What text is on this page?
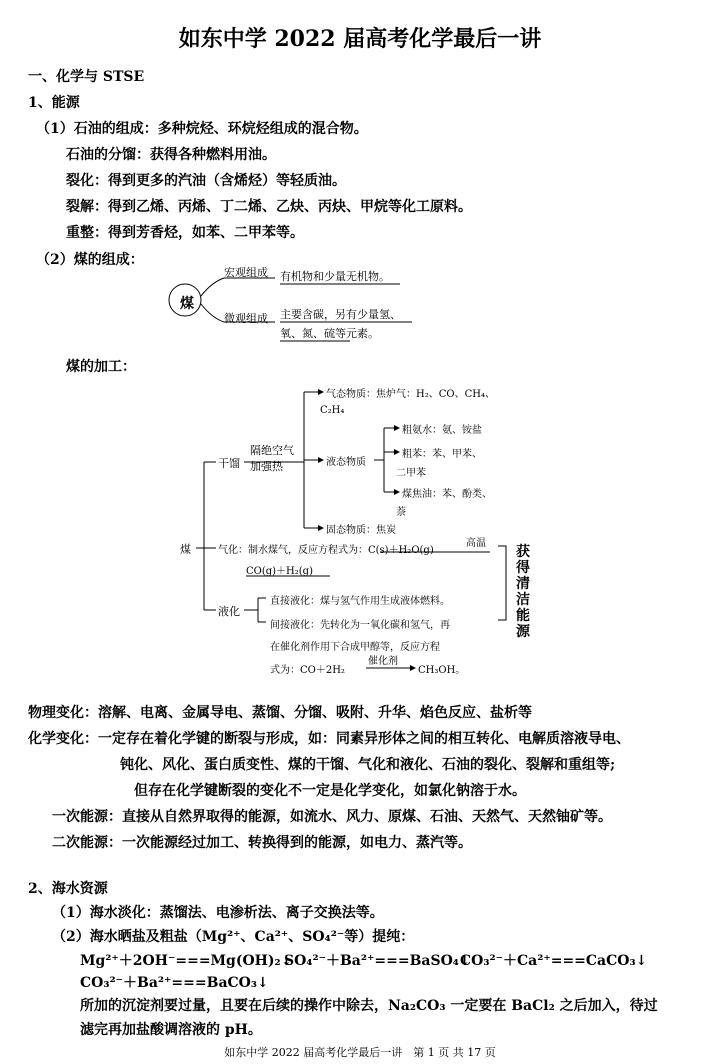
如东中学 2022 届高考化学最后一讲
一、化学与 STSE
1、能源
（1）石油的组成：多种烷烃、环烷烃组成的混合物。
石油的分馏：获得各种燃料用油。
裂化：得到更多的汽油（含烯烃）等轻质油。
裂解：得到乙烯、丙烯、丁二烯、乙炔、丙炔、甲烷等化工原料。
重整：得到芳香烃，如苯、二甲苯等。
（2）煤的组成：
煤
宏观组成 有机物和少量无机物。
微观组成 主要含碳，另有少量氢、
氧、氮、硫等元素。
煤的加工：
煤
干馏
隔绝空气
加强热
气态物质：焦炉气：H₂、CO、CH₄、
C₂H₄
液态物质
粗氨水：氨、铵盐
粗苯：苯、甲苯、
二甲苯
煤焦油：苯、酚类、
萘
固态物质：焦炭
气化：制水煤气，反应方程式为：C(s)＋H₂O(g)
高温
CO(g)＋H₂(g)
液化
直接液化：煤与氢气作用生成液体燃料。
间接液化：先转化为一氧化碳和氢气，再
在催化剂作用下合成甲醇等，反应方程
式为：CO＋2H₂
催化剂
CH₃OH。
获
得
清
洁
能
源
物理变化：溶解、电离、金属导电、蒸馏、分馏、吸附、升华、焰色反应、盐析等
化学变化：一定存在着化学键的断裂与形成，如：同素异形体之间的相互转化、电解质溶液导电、
钝化、风化、蛋白质变性、煤的干馏、气化和液化、石油的裂化、裂解和重组等;
但存在化学键断裂的变化不一定是化学变化，如氯化钠溶于水。
一次能源：直接从自然界取得的能源，如流水、风力、原煤、石油、天然气、天然铀矿等。
二次能源：一次能源经过加工、转换得到的能源，如电力、蒸汽等。
2、海水资源
（1）海水淡化：蒸馏法、电渗析法、离子交换法等。
（2）海水晒盐及粗盐（Mg²⁺、Ca²⁺、SO₄²⁻等）提纯：
Mg²⁺＋2OH⁻===Mg(OH)₂↓
SO₄²⁻＋Ba²⁺===BaSO₄↓
CO₃²⁻＋Ca²⁺===CaCO₃↓
CO₃²⁻＋Ba²⁺===BaCO₃↓
所加的沉淀剂要过量，且要在后续的操作中除去，Na₂CO₃ 一定要在 BaCl₂ 之后加入，待过
滤完再加盐酸调溶液的 pH。
如东中学 2022 届高考化学最后一讲　第 1 页 共 17 页
